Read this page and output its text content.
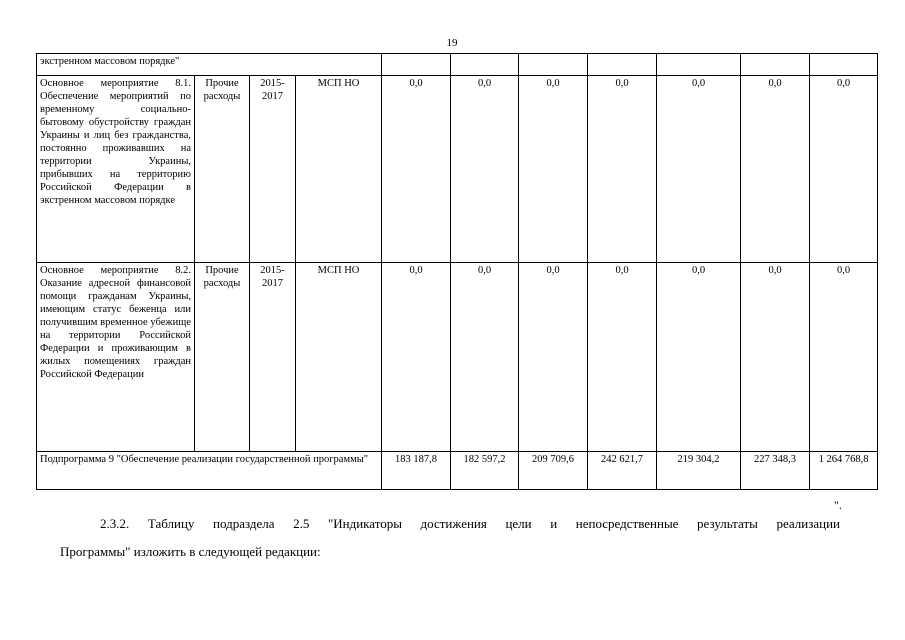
19
экстренном массовом порядке"										
Основное мероприятие 8.1. Обеспечение мероприятий по временному социально-бытовому обустройству граждан Украины и лиц без гражданства, постоянно проживавших на территории Украины, прибывших на территорию Российской Федерации в экстренном массовом порядке	Прочие расходы	2015-2017	МСП НО	0,0	0,0	0,0	0,0	0,0	0,0	0,0
Основное мероприятие 8.2. Оказание адресной финансовой помощи гражданам Украины, имеющим статус беженца или получившим временное убежище на территории Российской Федерации и проживающим в жилых помещениях граждан Российской Федерации	Прочие расходы	2015-2017	МСП НО	0,0	0,0	0,0	0,0	0,0	0,0	0,0
Подпрограмма 9 "Обеспечение реализации государственной программы"				183 187,8	182 597,2	209 709,6	242 621,7	219 304,2	227 348,3	1 264 768,8
".
2.3.2. Таблицу подраздела 2.5 "Индикаторы достижения цели и непосредственные результаты реализации
Программы" изложить в следующей редакции:
